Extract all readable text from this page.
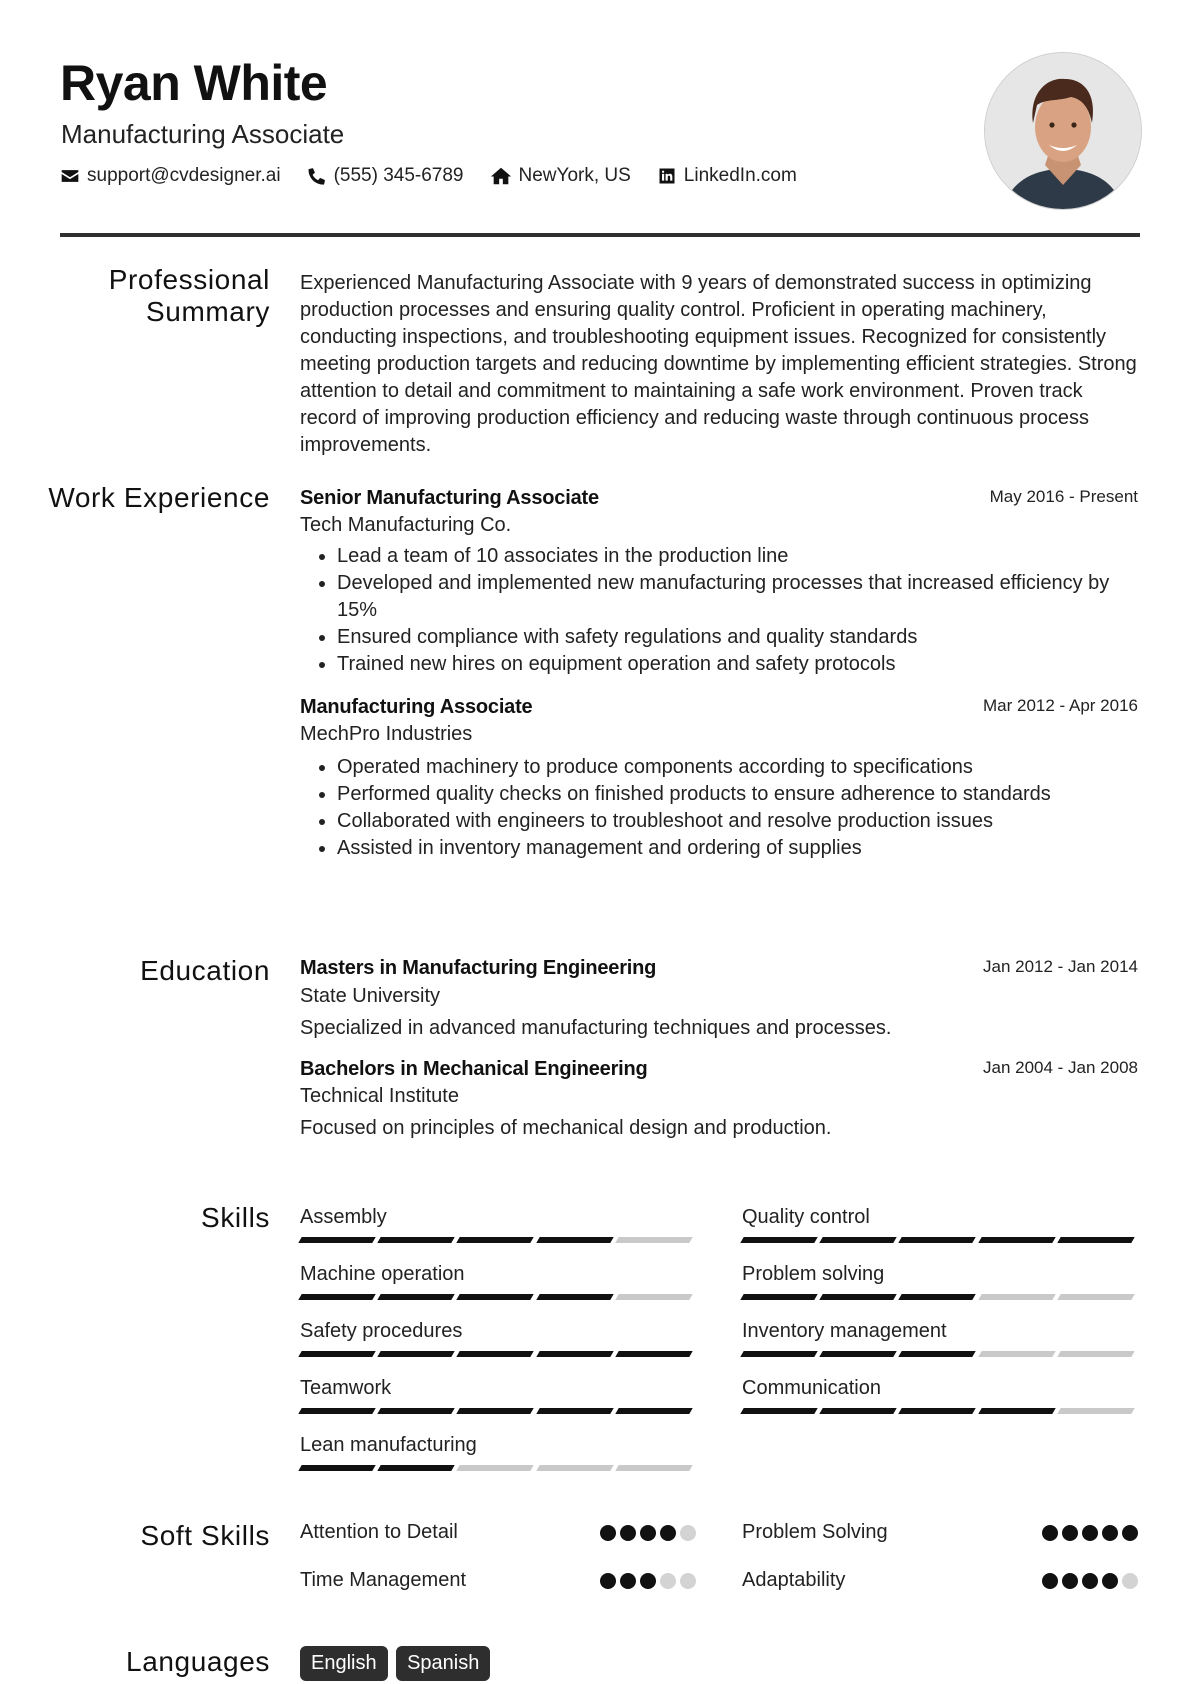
Ryan White
Manufacturing Associate
support@cvdesigner.ai	(555) 345-6789	NewYork, US	LinkedIn.com
Professional Summary
Experienced Manufacturing Associate with 9 years of demonstrated success in optimizing production processes and ensuring quality control. Proficient in operating machinery, conducting inspections, and troubleshooting equipment issues. Recognized for consistently meeting production targets and reducing downtime by implementing efficient strategies. Strong attention to detail and commitment to maintaining a safe work environment. Proven track record of improving production efficiency and reducing waste through continuous process improvements.
Work Experience Senior Manufacturing Associate	May 2016 - Present
Tech Manufacturing Co.
• Lead a team of 10 associates in the production line
• Developed and implemented new manufacturing processes that increased efficiency by 15%
• Ensured compliance with safety regulations and quality standards
• Trained new hires on equipment operation and safety protocols
Manufacturing Associate	Mar 2012 - Apr 2016
MechPro Industries
• Operated machinery to produce components according to specifications
• Performed quality checks on finished products to ensure adherence to standards
• Collaborated with engineers to troubleshoot and resolve production issues
• Assisted in inventory management and ordering of supplies
Education Masters in Manufacturing Engineering	Jan 2012 - Jan 2014
State University
Specialized in advanced manufacturing techniques and processes.
Bachelors in Mechanical Engineering	Jan 2004 - Jan 2008
Technical Institute
Focused on principles of mechanical design and production.
Skills Assembly	Quality control
Machine operation	Problem solving
Safety procedures	Inventory management
Teamwork	Communication
Lean manufacturing
Soft Skills Attention to Detail	Problem Solving
Time Management	Adaptability
Languages	English Spanish
